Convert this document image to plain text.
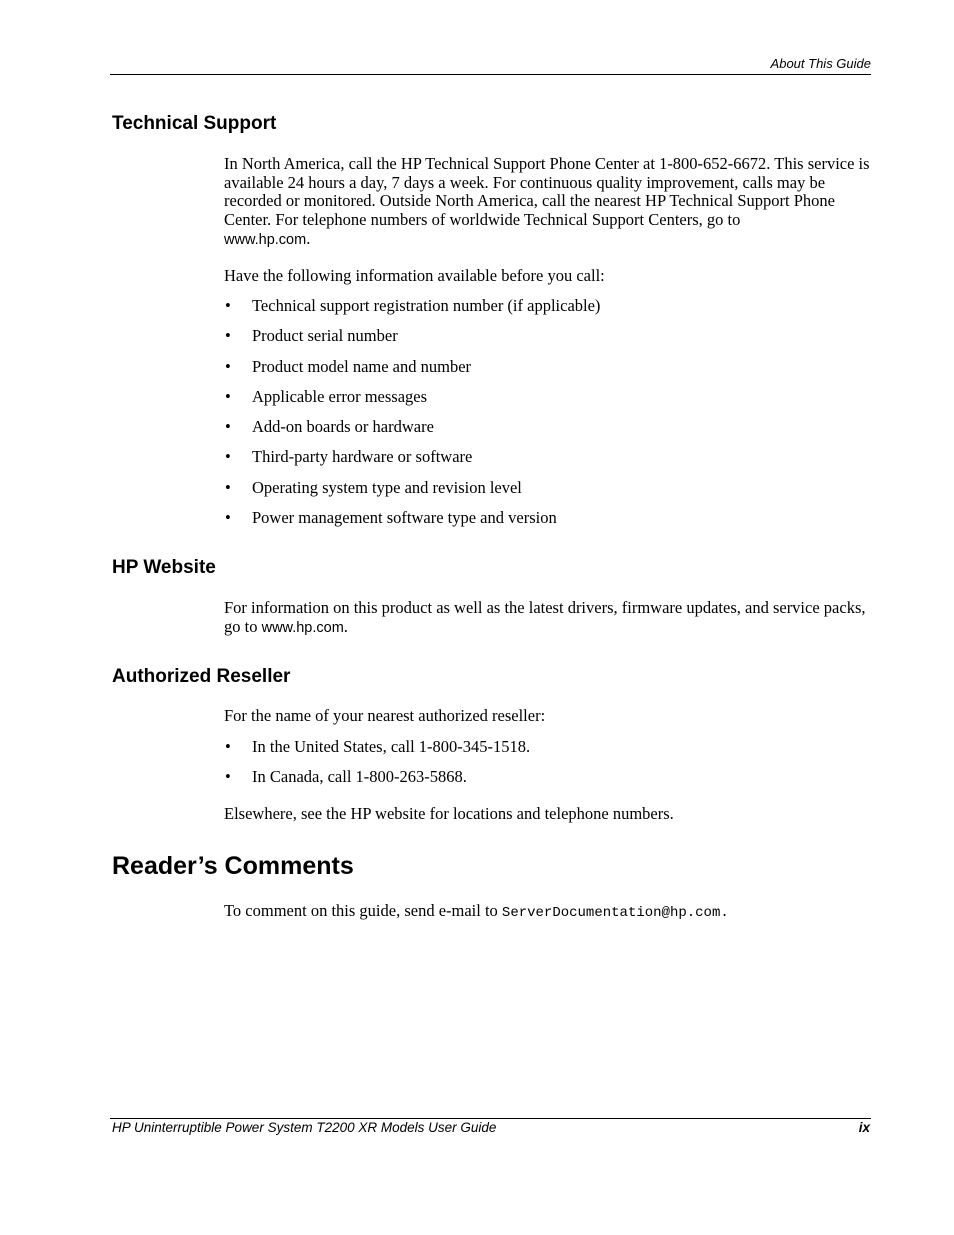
About This Guide
Technical Support

In North America, call the HP Technical Support Phone Center at 1-800-652-6672. This service is available 24 hours a day, 7 days a week. For continuous quality improvement, calls may be recorded or monitored. Outside North America, call the nearest HP Technical Support Phone Center. For telephone numbers of worldwide Technical Support Centers, go to
www.hp.com.

Have the following information available before you call:

• Technical support registration number (if applicable)
• Product serial number
• Product model name and number
• Applicable error messages
• Add-on boards or hardware
• Third-party hardware or software
• Operating system type and revision level
• Power management software type and version
HP Website

For information on this product as well as the latest drivers, firmware updates, and service packs, go to www.hp.com.

Authorized Reseller

For the name of your nearest authorized reseller:

• In the United States, call 1-800-345-1518.
• In Canada, call 1-800-263-5868.

Elsewhere, see the HP website for locations and telephone numbers.

Reader’s Comments

To comment on this guide, send e-mail to ServerDocumentation@hp.com.

HP Uninterruptible Power System T2200 XR Models User Guide	ix
